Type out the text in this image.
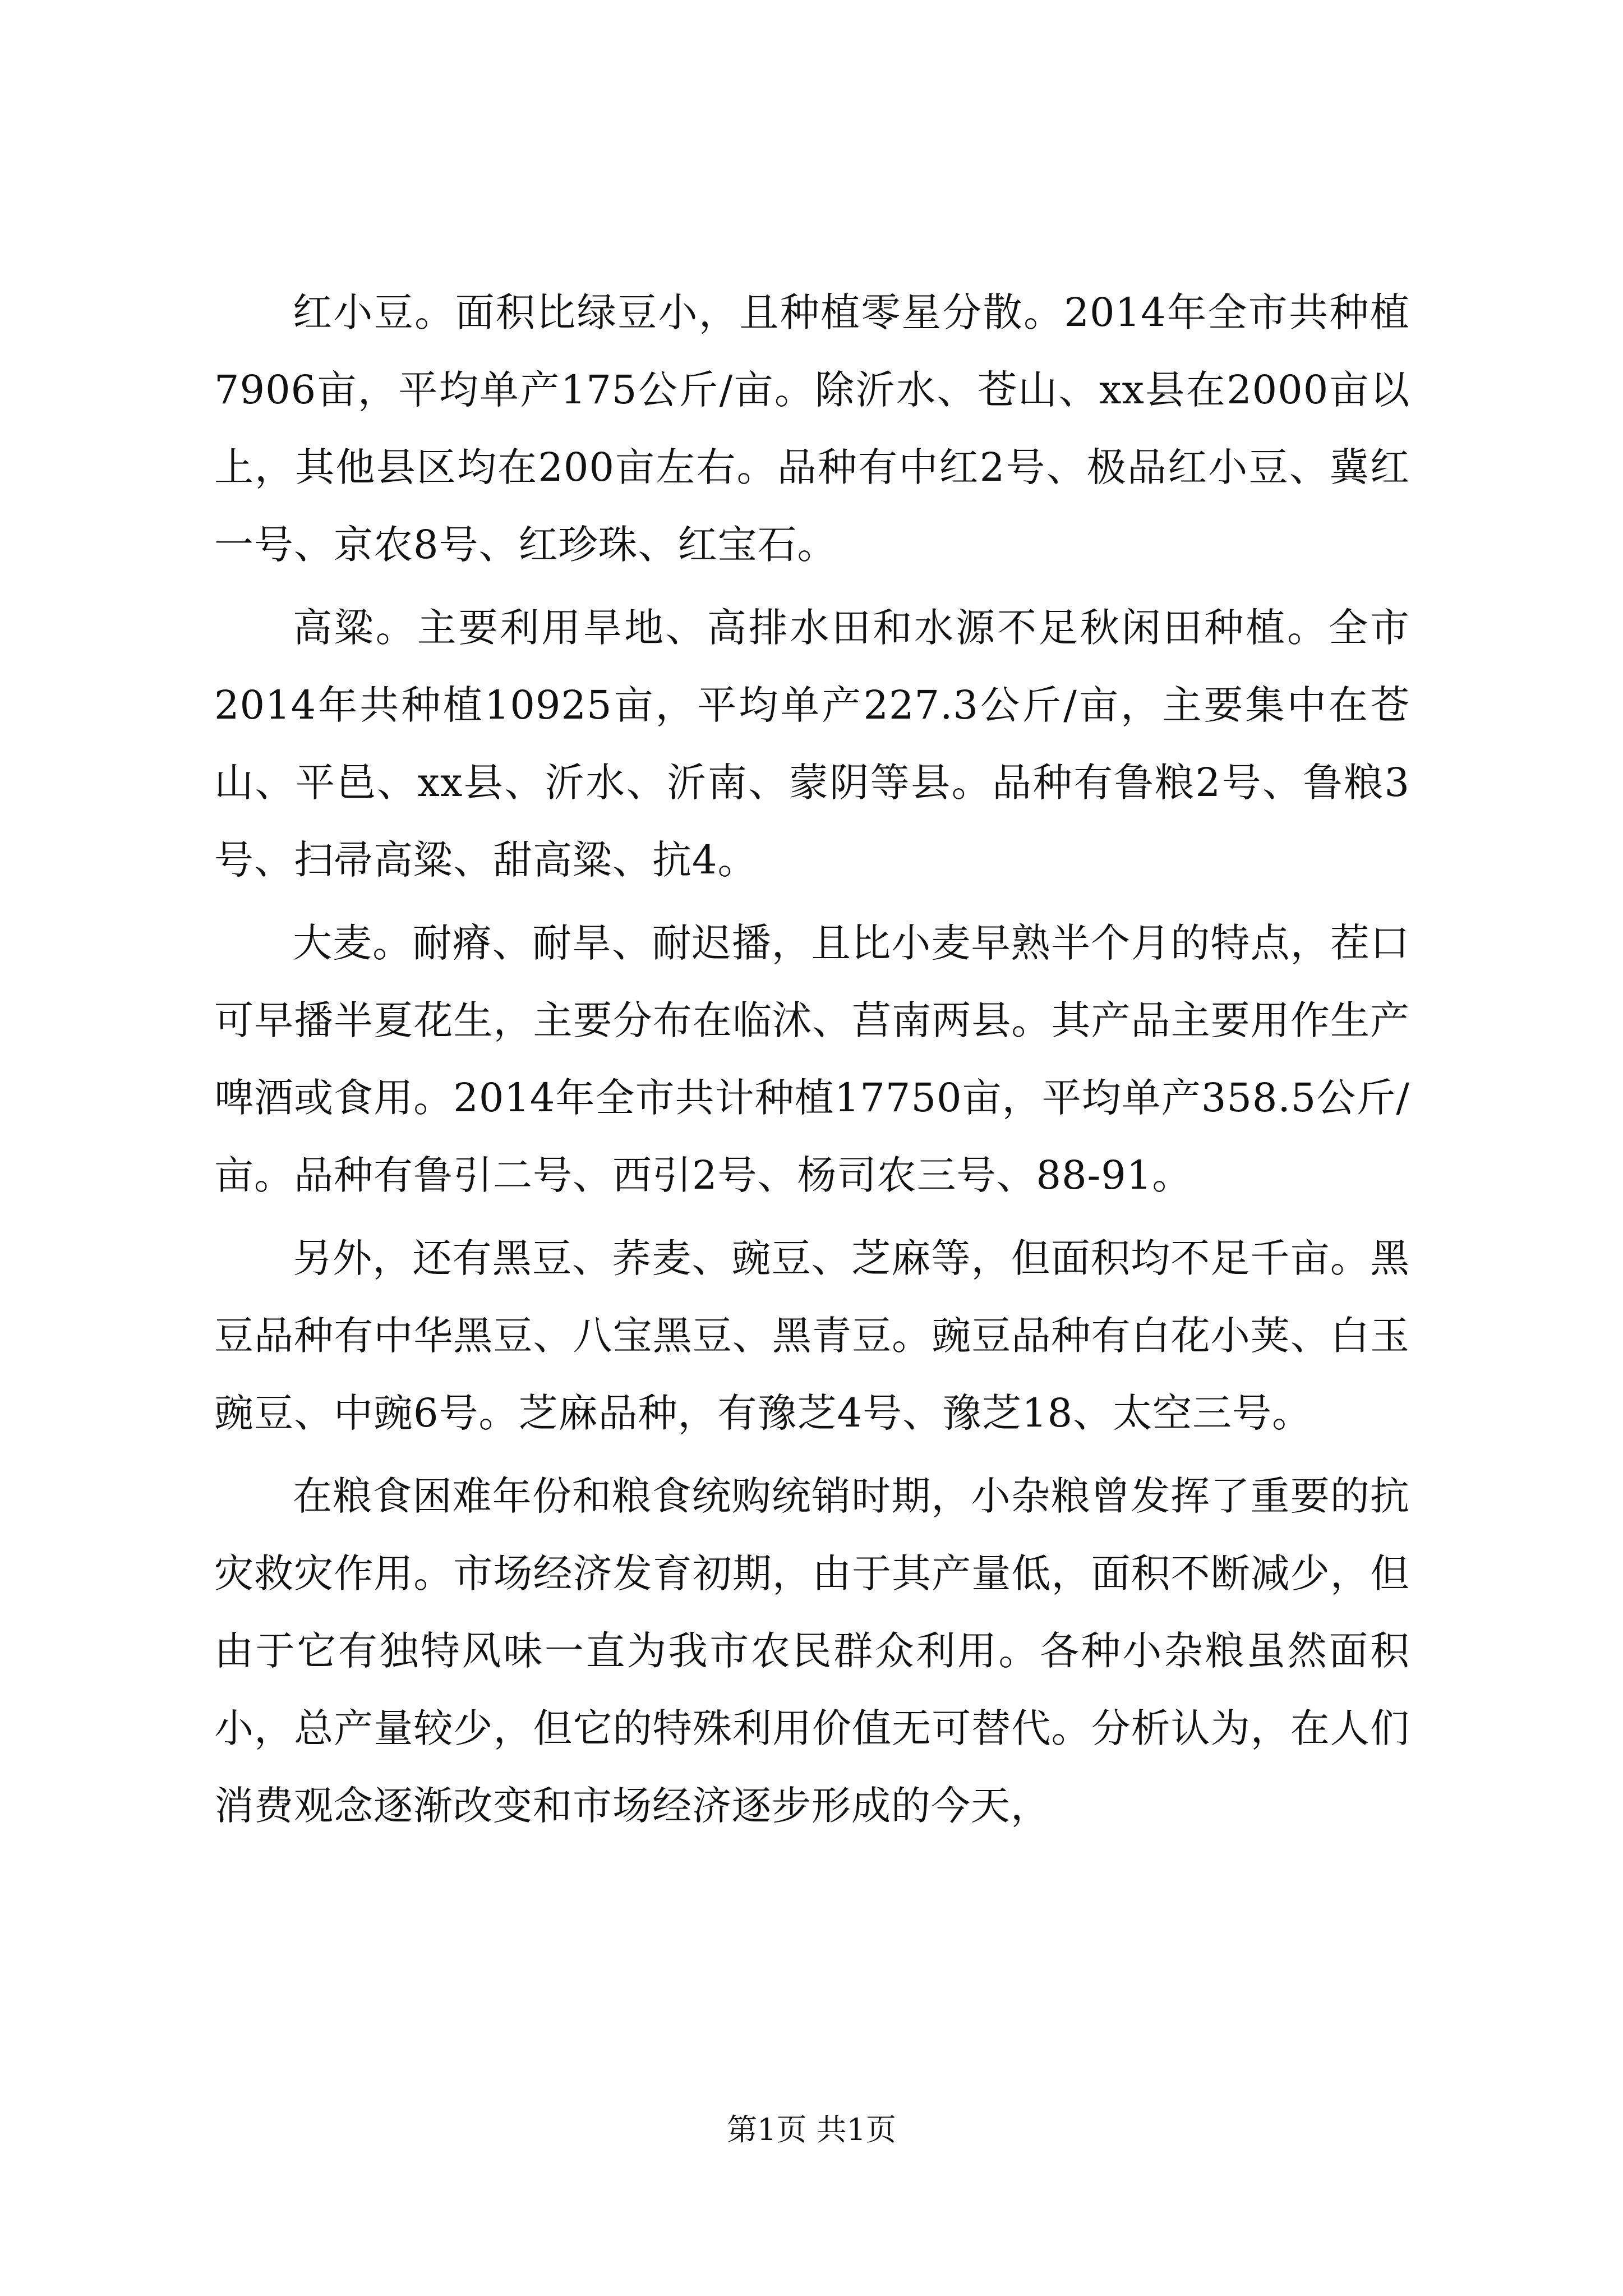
红小豆。面积比绿豆小，且种植零星分散。2014年全市共种植7906亩，平均单产175公斤/亩。除沂水、苍山、xx县在2000亩以上，其他县区均在200亩左右。品种有中红2号、极品红小豆、冀红一号、京农8号、红珍珠、红宝石。

高粱。主要利用旱地、高排水田和水源不足秋闲田种植。全市2014年共种植10925亩，平均单产227.3公斤/亩，主要集中在苍山、平邑、xx县、沂水、沂南、蒙阴等县。品种有鲁粮2号、鲁粮3号、扫帚高粱、甜高粱、抗4。

大麦。耐瘠、耐旱、耐迟播，且比小麦早熟半个月的特点，茬口可早播半夏花生，主要分布在临沭、莒南两县。其产品主要用作生产啤酒或食用。2014年全市共计种植17750亩，平均单产358.5公斤/亩。品种有鲁引二号、西引2号、杨司农三号、88-91。

另外，还有黑豆、荞麦、豌豆、芝麻等，但面积均不足千亩。黑豆品种有中华黑豆、八宝黑豆、黑青豆。豌豆品种有白花小荚、白玉豌豆、中豌6号。芝麻品种，有豫芝4号、豫芝18、太空三号。

在粮食困难年份和粮食统购统销时期，小杂粮曾发挥了重要的抗灾救灾作用。市场经济发育初期，由于其产量低，面积不断减少，但由于它有独特风味一直为我市农民群众利用。各种小杂粮虽然面积小，总产量较少，但它的特殊利用价值无可替代。分析认为，在人们消费观念逐渐改变和市场经济逐步形成的今天，

第1页 共1页
